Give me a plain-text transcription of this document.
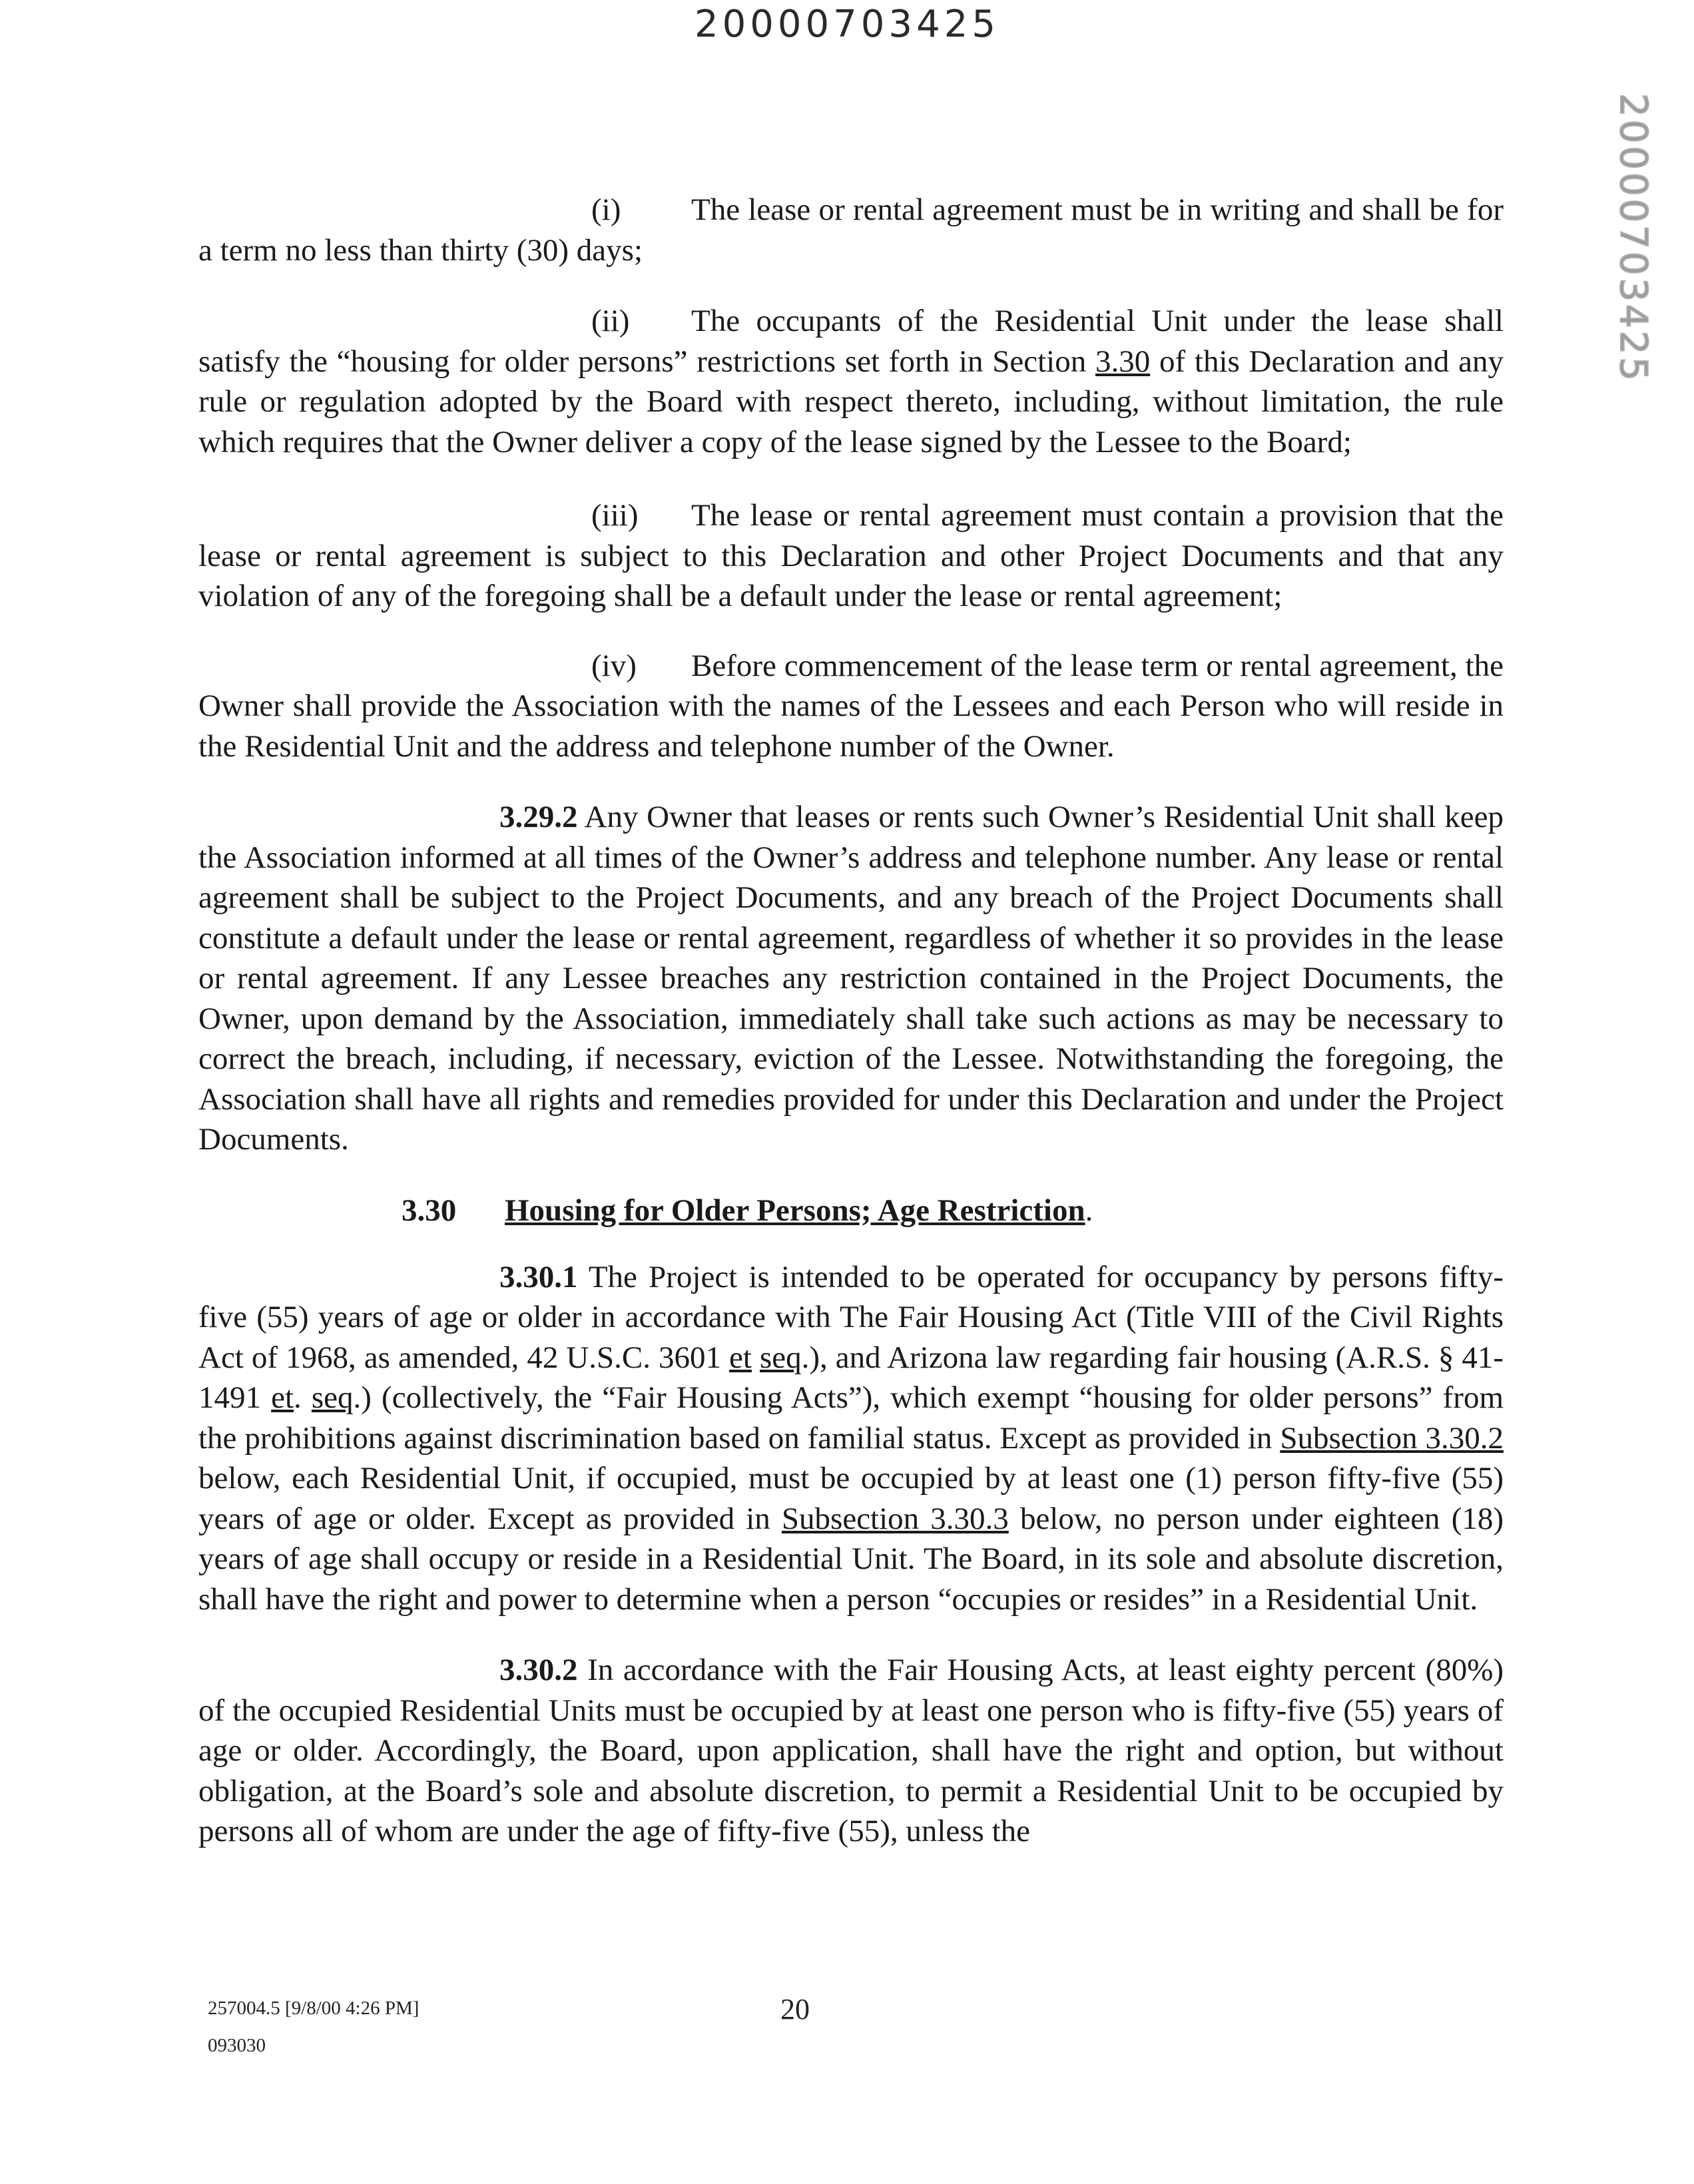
20000703425
20000703425

(i) The lease or rental agreement must be in writing and shall be for a term no less than thirty (30) days;

(ii) The occupants of the Residential Unit under the lease shall satisfy the “housing for older persons” restrictions set forth in Section 3.30 of this Declaration and any rule or regulation adopted by the Board with respect thereto, including, without limitation, the rule which requires that the Owner deliver a copy of the lease signed by the Lessee to the Board;

(iii) The lease or rental agreement must contain a provision that the lease or rental agreement is subject to this Declaration and other Project Documents and that any violation of any of the foregoing shall be a default under the lease or rental agreement;

(iv) Before commencement of the lease term or rental agreement, the Owner shall provide the Association with the names of the Lessees and each Person who will reside in the Residential Unit and the address and telephone number of the Owner.

3.29.2 Any Owner that leases or rents such Owner’s Residential Unit shall keep the Association informed at all times of the Owner’s address and telephone number. Any lease or rental agreement shall be subject to the Project Documents, and any breach of the Project Documents shall constitute a default under the lease or rental agreement, regardless of whether it so provides in the lease or rental agreement. If any Lessee breaches any restriction contained in the Project Documents, the Owner, upon demand by the Association, immediately shall take such actions as may be necessary to correct the breach, including, if necessary, eviction of the Lessee. Notwithstanding the foregoing, the Association shall have all rights and remedies provided for under this Declaration and under the Project Documents.

3.30 Housing for Older Persons; Age Restriction.

3.30.1 The Project is intended to be operated for occupancy by persons fifty-five (55) years of age or older in accordance with The Fair Housing Act (Title VIII of the Civil Rights Act of 1968, as amended, 42 U.S.C. 3601 et seq.), and Arizona law regarding fair housing (A.R.S. § 41-1491 et. seq.) (collectively, the “Fair Housing Acts”), which exempt “housing for older persons” from the prohibitions against discrimination based on familial status. Except as provided in Subsection 3.30.2 below, each Residential Unit, if occupied, must be occupied by at least one (1) person fifty-five (55) years of age or older. Except as provided in Subsection 3.30.3 below, no person under eighteen (18) years of age shall occupy or reside in a Residential Unit. The Board, in its sole and absolute discretion, shall have the right and power to determine when a person “occupies or resides” in a Residential Unit.

3.30.2 In accordance with the Fair Housing Acts, at least eighty percent (80%) of the occupied Residential Units must be occupied by at least one person who is fifty-five (55) years of age or older. Accordingly, the Board, upon application, shall have the right and option, but without obligation, at the Board’s sole and absolute discretion, to permit a Residential Unit to be occupied by persons all of whom are under the age of fifty-five (55), unless the

257004.5 [9/8/00 4:26 PM]
093030
20
